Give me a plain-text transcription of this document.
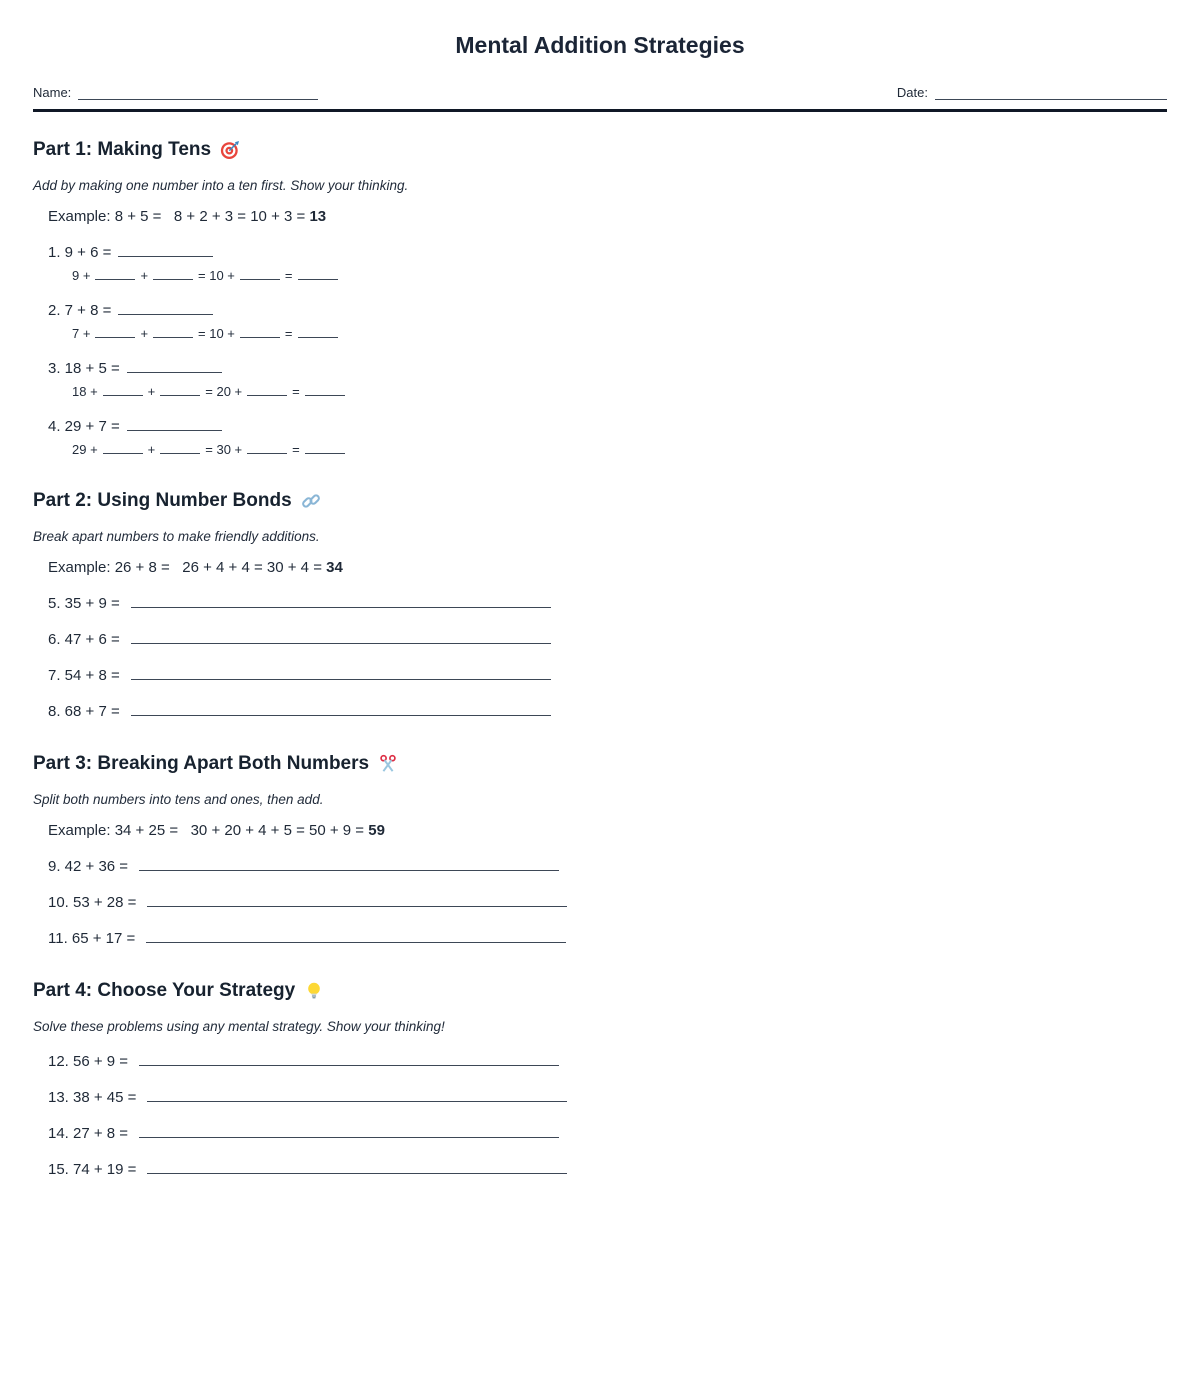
Mental Addition Strategies
Name:	Date:
Part 1: Making Tens
Add by making one number into a ten first. Show your thinking.
Example: 8 + 5 =   8 + 2 + 3 = 10 + 3 = 13
1. 9 + 6 =
9 +	+	= 10 +	=
2. 7 + 8 =
7 +	+	= 10 +	=
3. 18 + 5 =
18 +	+	= 20 +	=
4. 29 + 7 =
29 +	+	= 30 +	=
Part 2: Using Number Bonds
Break apart numbers to make friendly additions.
Example: 26 + 8 =   26 + 4 + 4 = 30 + 4 = 34
5. 35 + 9 =
6. 47 + 6 =
7. 54 + 8 =
8. 68 + 7 =
Part 3: Breaking Apart Both Numbers
Split both numbers into tens and ones, then add.
Example: 34 + 25 =   30 + 20 + 4 + 5 = 50 + 9 = 59
9. 42 + 36 =
10. 53 + 28 =
11. 65 + 17 =
Part 4: Choose Your Strategy
Solve these problems using any mental strategy. Show your thinking!
12. 56 + 9 =
13. 38 + 45 =
14. 27 + 8 =
15. 74 + 19 =
